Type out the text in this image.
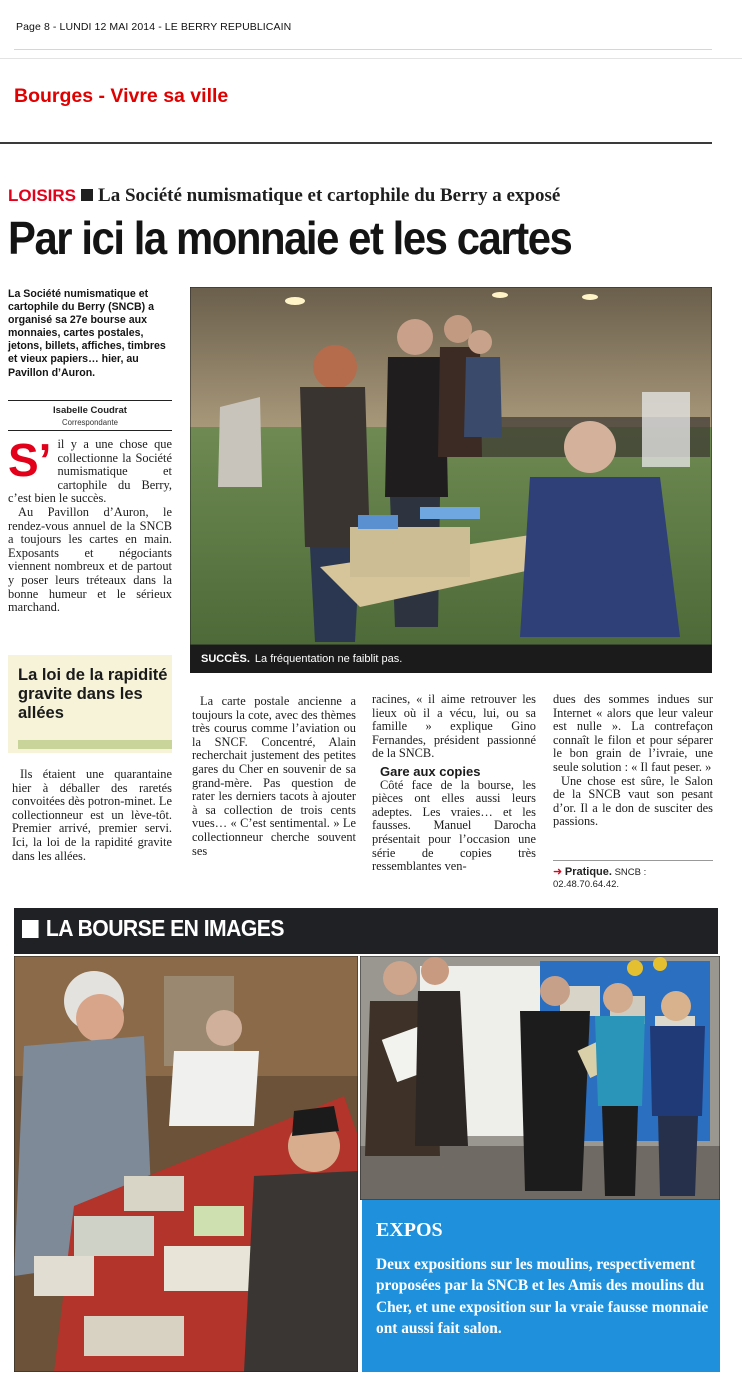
Page 8 - LUNDI 12 MAI 2014 - LE BERRY REPUBLICAIN
Bourges - Vivre sa ville
LOISIRS La Société numismatique et cartophile du Berry a exposé
Par ici la monnaie et les cartes
La Société numismatique et cartophile du Berry (SNCB) a organisé sa 27e bourse aux monnaies, cartes postales, jetons, billets, affiches, timbres et vieux papiers… hier, au Pavillon d’Auron.
Isabelle Coudrat
Correspondante
S’ il y a une chose que collectionne la Société numismatique et cartophile du Berry, c’est bien le succès.
Au Pavillon d’Auron, le rendez-vous annuel de la SNCB a toujours les cartes en main. Exposants et négociants viennent nombreux et de partout y poser leurs tréteaux dans la bonne humeur et le sérieux marchand.
SUCCÈS. La fréquentation ne faiblit pas.
La loi de la rapidité gravite dans les allées
Ils étaient une quarantaine hier à déballer des raretés convoitées dès potron-minet. Le collectionneur est un lève-tôt. Premier arrivé, premier servi. Ici, la loi de la rapidité gravite dans les allées.
La carte postale ancienne a toujours la cote, avec des thèmes très courus comme l’aviation ou la SNCF. Concentré, Alain recherchait justement des petites gares du Cher en souvenir de sa grand-mère. Pas question de rater les derniers tacots à ajouter à sa collection de trois cents vues… « C’est sentimental. » Le collectionneur cherche souvent ses
racines, « il aime retrouver les lieux où il a vécu, lui, ou sa famille » explique Gino Fernandes, président passionné de la SNCB.
Gare aux copies
Côté face de la bourse, les pièces ont elles aussi leurs adeptes. Les vraies… et les fausses. Manuel Darocha présentait pour l’occasion une série de copies très ressemblantes ven-
dues des sommes indues sur Internet « alors que leur valeur est nulle ». La contrefaçon connaît le filon et pour séparer le bon grain de l’ivraie, une seule solution : « Il faut peser. »
Une chose est sûre, le Salon de la SNCB vaut son pesant d’or. Il a le don de susciter des passions.
➜ Pratique. SNCB :
02.48.70.64.42.
LA BOURSE EN IMAGES
EXPOS
Deux expositions sur les moulins, respectivement proposées par la SNCB et les Amis des moulins du Cher, et une exposition sur la vraie fausse monnaie ont aussi fait salon.
